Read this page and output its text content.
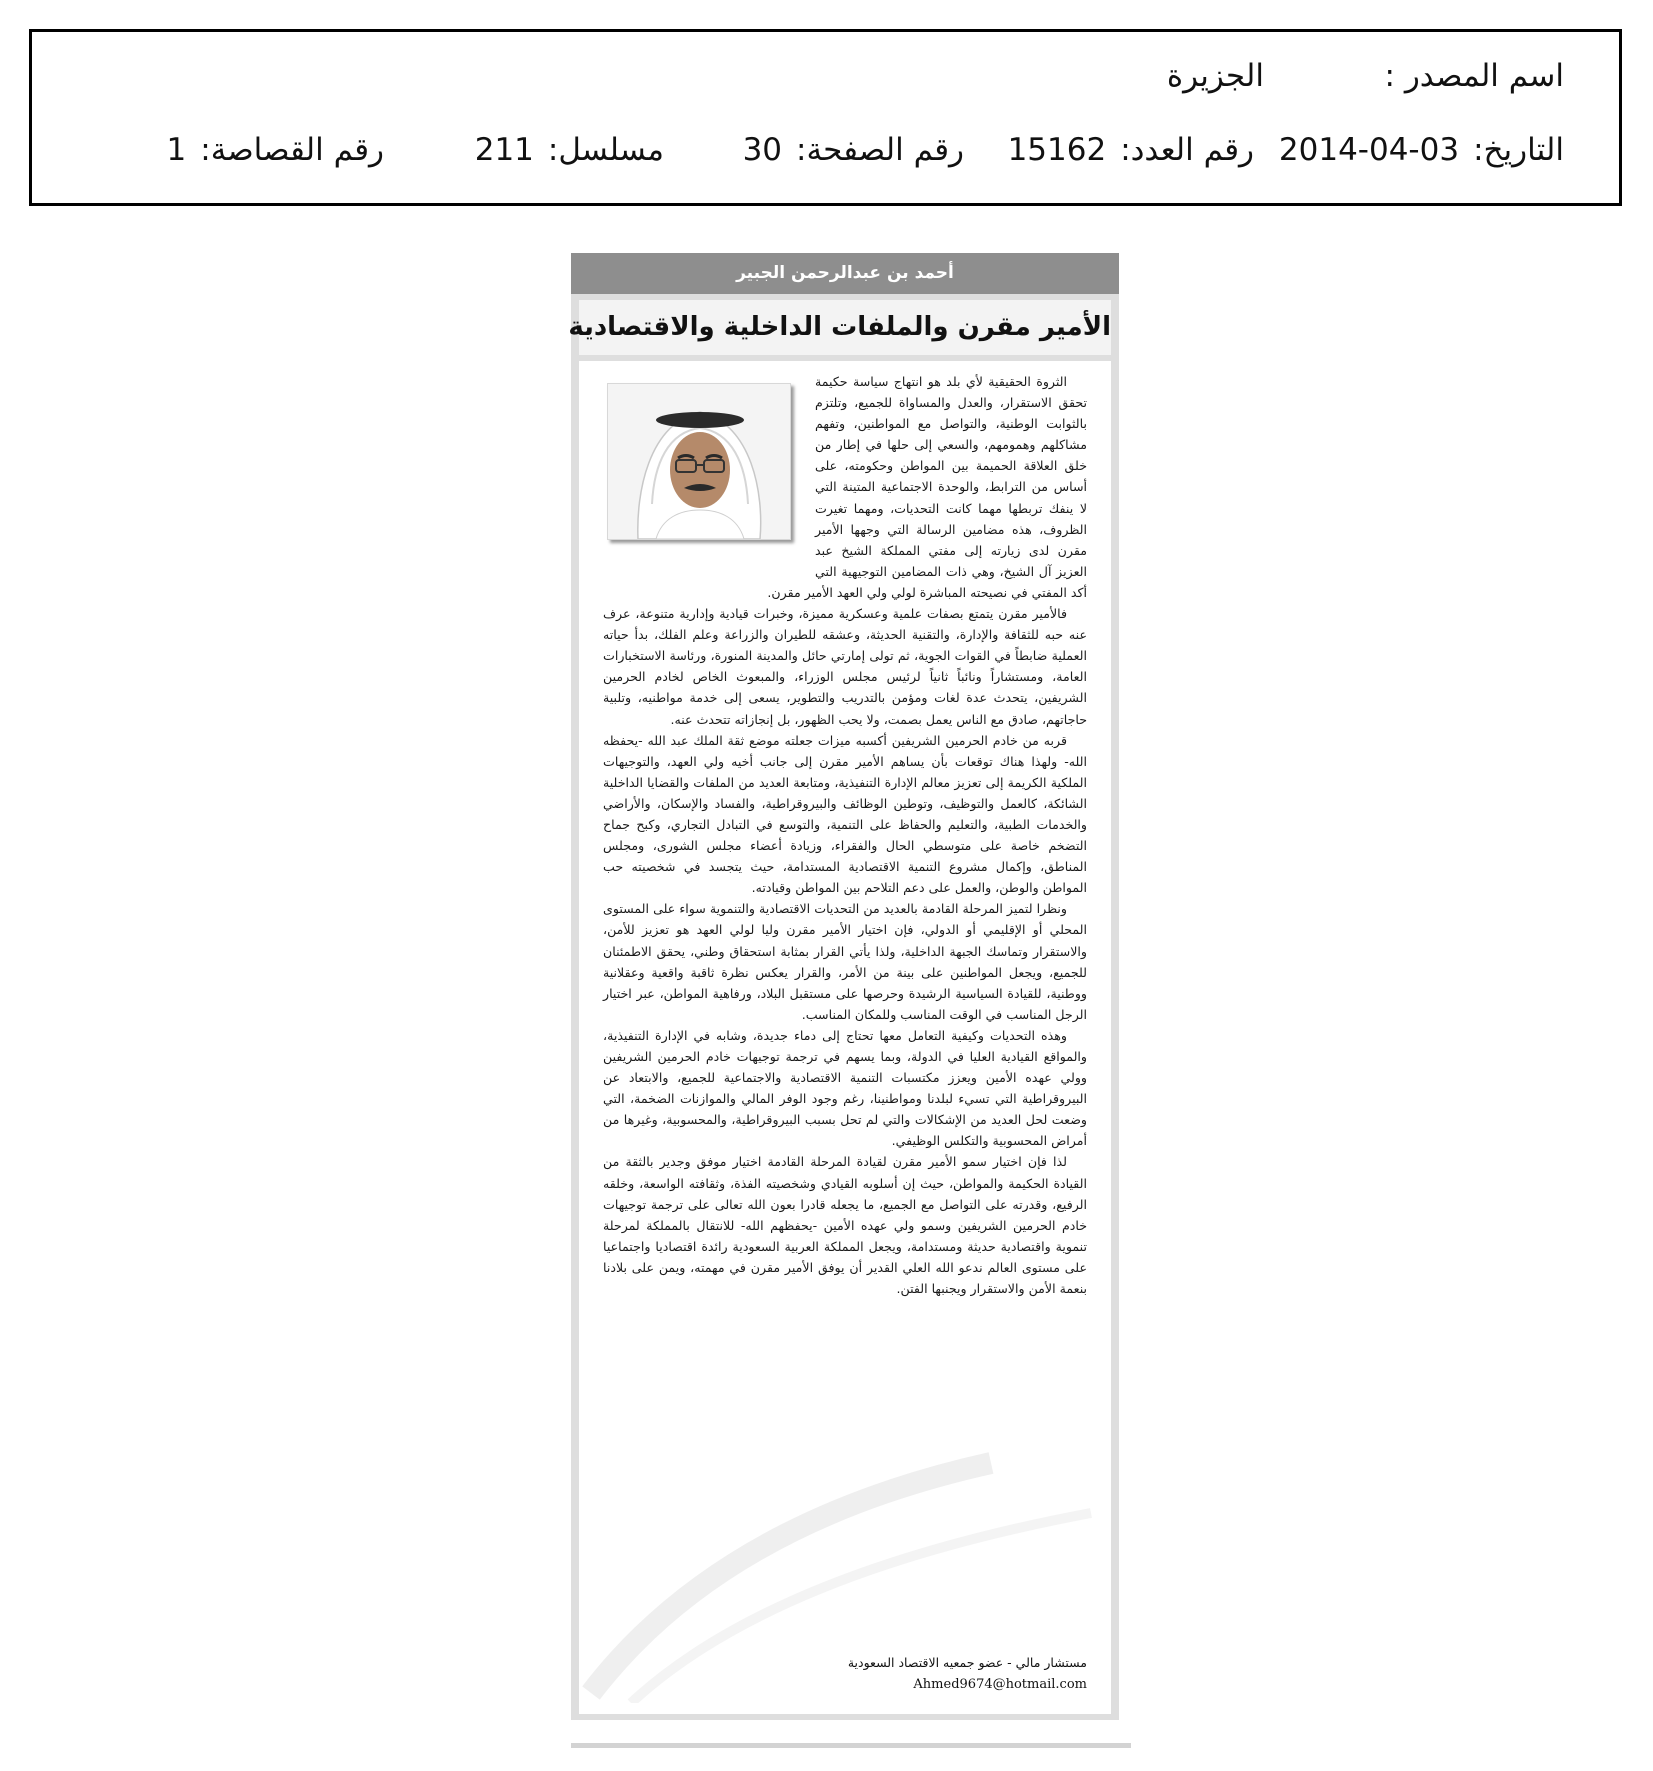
اسم المصدر :
الجزيرة
التاريخ:2014-04-03
رقم العدد:15162
رقم الصفحة:30
مسلسل:211
رقم القصاصة:1
أحمد بن عبدالرحمن الجبير
الأمير مقرن والملفات الداخلية والاقتصادية

الثروة الحقيقية لأي بلد هو انتهاج سياسة حكيمة تحقق الاستقرار، والعدل والمساواة للجميع، وتلتزم بالثوابت الوطنية، والتواصل مع المواطنين، وتفهم مشاكلهم وهمومهم، والسعي إلى حلها في إطار من خلق العلاقة الحميمة بين المواطن وحكومته، على أساس من الترابط، والوحدة الاجتماعية المتينة التي لا ينفك تربطها مهما كانت التحديات، ومهما تغيرت الظروف، هذه مضامين الرسالة التي وجهها الأمير مقرن لدى زيارته إلى مفتي المملكة الشيخ عبد العزيز آل الشيخ، وهي ذات المضامين التوجيهية التي أكد المفتي في نصيحته المباشرة لولي ولي العهد الأمير مقرن.

فالأمير مقرن يتمتع بصفات علمية وعسكرية مميزة، وخبرات قيادية وإدارية متنوعة، عرف عنه حبه للثقافة والإدارة، والتقنية الحديثة، وعشقه للطيران والزراعة وعلم الفلك، بدأ حياته العملية ضابطاً في القوات الجوية، ثم تولى إمارتي حائل والمدينة المنورة، ورئاسة الاستخبارات العامة، ومستشاراً ونائباً ثانياً لرئيس مجلس الوزراء، والمبعوث الخاص لخادم الحرمين الشريفين، يتحدث عدة لغات ومؤمن بالتدريب والتطوير، يسعى إلى خدمة مواطنيه، وتلبية حاجاتهم، صادق مع الناس يعمل بصمت، ولا يحب الظهور، بل إنجازاته تتحدث عنه.

قربه من خادم الحرمين الشريفين أكسبه ميزات جعلته موضع ثقة الملك عبد الله -يحفظه الله- ولهذا هناك توقعات بأن يساهم الأمير مقرن إلى جانب أخيه ولي العهد، والتوجيهات الملكية الكريمة إلى تعزيز معالم الإدارة التنفيذية، ومتابعة العديد من الملفات والقضايا الداخلية الشائكة، كالعمل والتوظيف، وتوطين الوظائف والبيروقراطية، والفساد والإسكان، والأراضي والخدمات الطبية، والتعليم والحفاظ على التنمية، والتوسع في التبادل التجاري، وكبح جماح التضخم خاصة على متوسطي الحال والفقراء، وزيادة أعضاء مجلس الشورى، ومجلس المناطق، وإكمال مشروع التنمية الاقتصادية المستدامة، حيث يتجسد في شخصيته حب المواطن والوطن، والعمل على دعم التلاحم بين المواطن وقيادته.

ونظرا لتميز المرحلة القادمة بالعديد من التحديات الاقتصادية والتنموية سواء على المستوى المحلي أو الإقليمي أو الدولي، فإن اختيار الأمير مقرن وليا لولي العهد هو تعزيز للأمن، والاستقرار وتماسك الجبهة الداخلية، ولذا يأتي القرار بمثابة استحقاق وطني، يحقق الاطمئنان للجميع، ويجعل المواطنين على بينة من الأمر، والقرار يعكس نظرة ثاقبة واقعية وعقلانية ووطنية، للقيادة السياسية الرشيدة وحرصها على مستقبل البلاد، ورفاهية المواطن، عبر اختيار الرجل المناسب في الوقت المناسب وللمكان المناسب.

وهذه التحديات وكيفية التعامل معها تحتاج إلى دماء جديدة، وشابه في الإدارة التنفيذية، والمواقع القيادية العليا في الدولة، وبما يسهم في ترجمة توجيهات خادم الحرمين الشريفين وولي عهده الأمين ويعزز مكتسبات التنمية الاقتصادية والاجتماعية للجميع، والابتعاد عن البيروقراطية التي تسيء لبلدنا ومواطنينا، رغم وجود الوفر المالي والموازنات الضخمة، التي وضعت لحل العديد من الإشكالات والتي لم تحل بسبب البيروقراطية، والمحسوبية، وغيرها من أمراض المحسوبية والتكلس الوظيفي.

لذا فإن اختيار سمو الأمير مقرن لقيادة المرحلة القادمة اختيار موفق وجدير بالثقة من القيادة الحكيمة والمواطن، حيث إن أسلوبه القيادي وشخصيته الفذة، وثقافته الواسعة، وخلقه الرفيع، وقدرته على التواصل مع الجميع، ما يجعله قادرا بعون الله تعالى على ترجمة توجيهات خادم الحرمين الشريفين وسمو ولي عهده الأمين -يحفظهم الله- للانتقال بالمملكة لمرحلة تنموية واقتصادية حديثة ومستدامة، ويجعل المملكة العربية السعودية رائدة اقتصاديا واجتماعيا على مستوى العالم ندعو الله العلي القدير أن يوفق الأمير مقرن في مهمته، ويمن على بلادنا بنعمة الأمن والاستقرار ويجنبها الفتن.

مستشار مالي - عضو جمعيه الاقتصاد السعودية
Ahmed9674@hotmail.com
